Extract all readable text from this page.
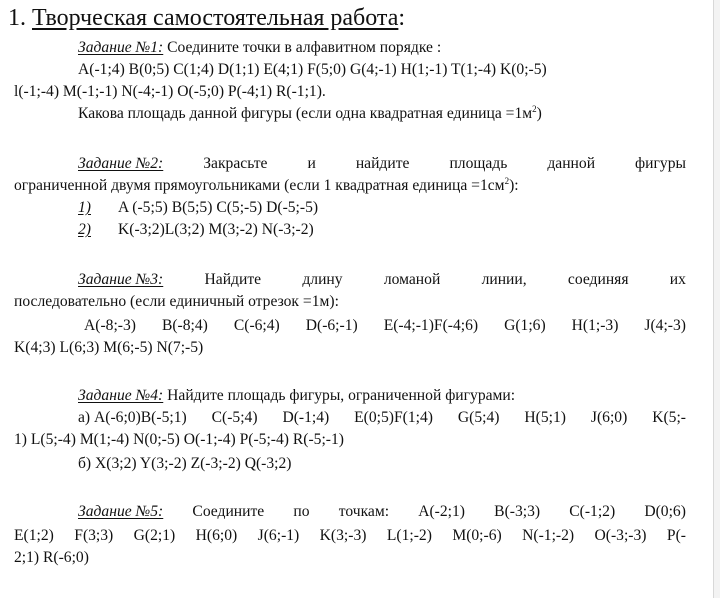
1. Творческая самостоятельная работа:
Задание №1: Соедините точки в алфавитном порядке :
A(-1;4) B(0;5) C(1;4) D(1;1) E(4;1) F(5;0) G(4;-1) H(1;-1) T(1;-4) K(0;-5)
l(-1;-4) M(-1;-1) N(-4;-1) O(-5;0) P(-4;1) R(-1;1).
Какова площадь данной фигуры (если одна квадратная единица $=1м^2$)
Задание №2:	Закрасьте	и	найдите	площадь	данной	фигуры
ограниченной двумя прямоугольниками (если 1 квадратная единица $=1см^2$):
1) A (-5;5) B(5;5) C(5;-5) D(-5;-5)
2) K(-3;2)L(3;2) M(3;-2) N(-3;-2)
Задание №3:	Найдите	длину	ломаной	линии,	соединяя	их
последовательно (если единичный отрезок =1м):
A(-8;-3) B(-8;4) C(-6;4) D(-6;-1) E(-4;-1)F(-4;6) G(1;6) H(1;-3) J(4;-3)
K(4;3) L(6;3) M(6;-5) N(7;-5)
Задание №4: Найдите площадь фигуры, ограниченной фигурами:
а) A(-6;0)B(-5;1) C(-5;4) D(-1;4) E(0;5)F(1;4) G(5;4) H(5;1) J(6;0) K(5;-
1) L(5;-4) M(1;-4) N(0;-5) O(-1;-4) P(-5;-4) R(-5;-1)
б) X(3;2) Y(3;-2) Z(-3;-2) Q(-3;2)
Задание №5: Соедините по точкам: A(-2;1) B(-3;3) C(-1;2) D(0;6)
E(1;2) F(3;3) G(2;1) H(6;0) J(6;-1) K(3;-3) L(1;-2) M(0;-6) N(-1;-2) O(-3;-3) P(-
2;1) R(-6;0)
